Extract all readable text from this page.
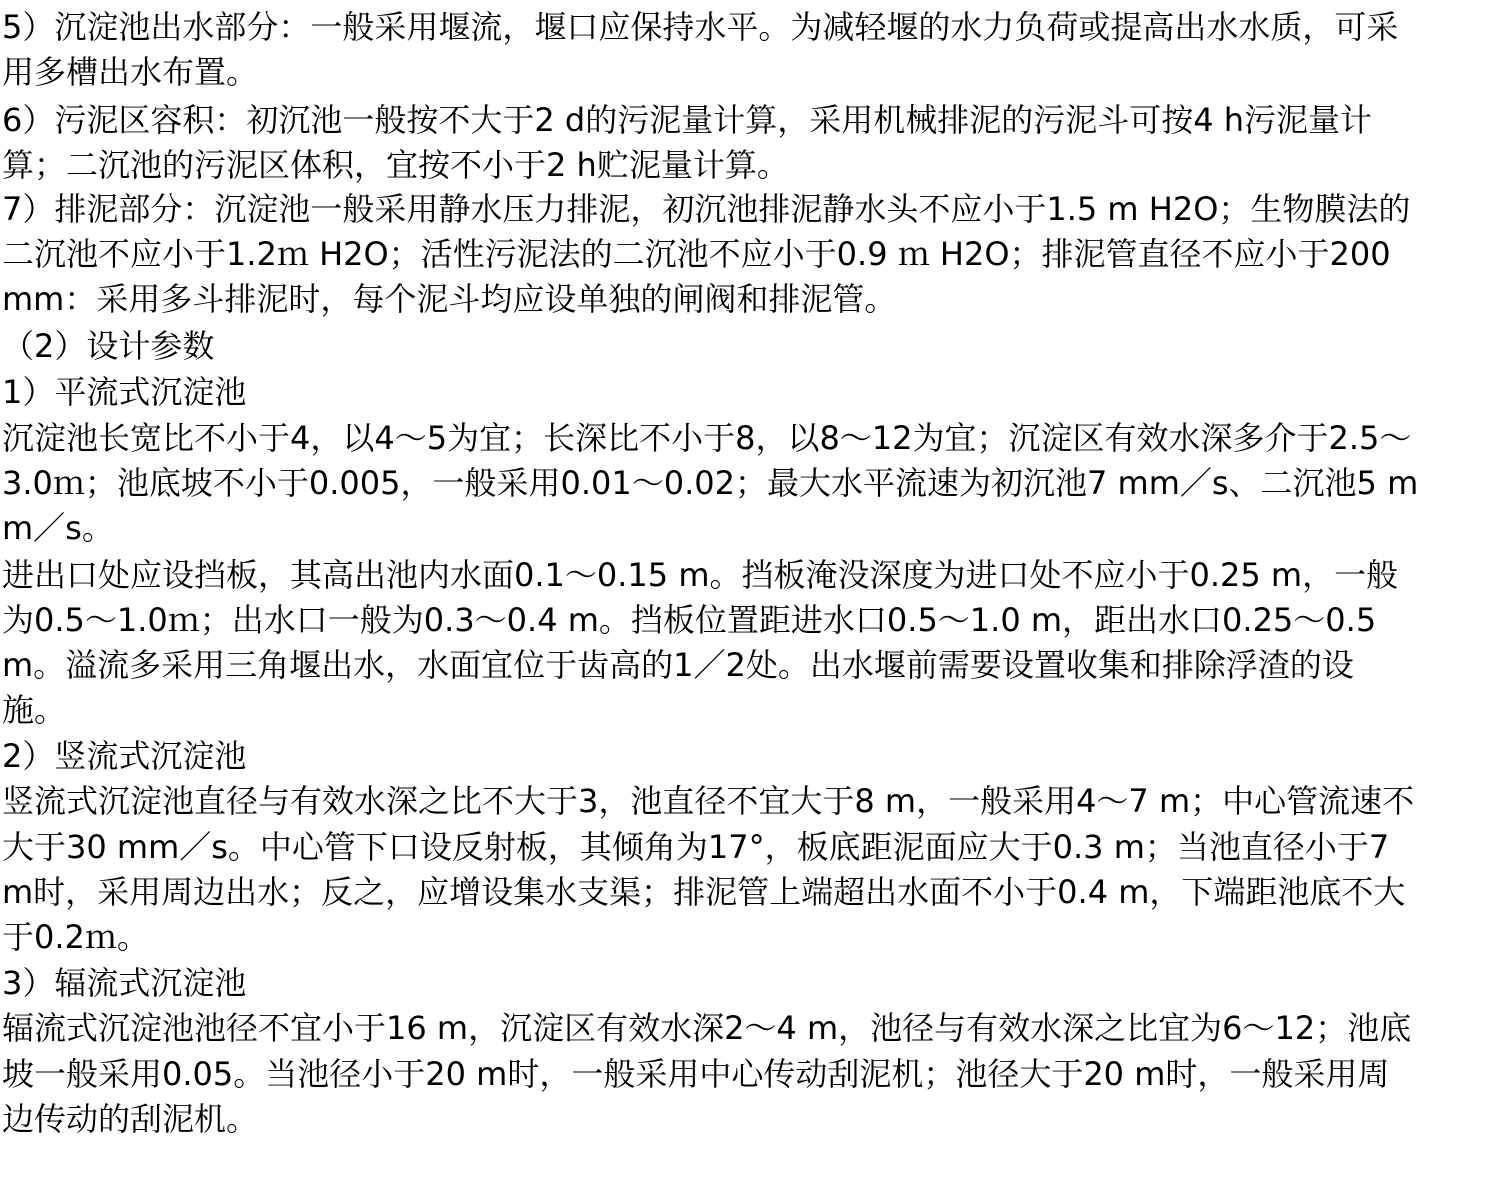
5）沉淀池出水部分：一般采用堰流，堰口应保持水平。为减轻堰的水力负荷或提高出水水质，可采
用多槽出水布置。
6）污泥区容积：初沉池一般按不大于2 d的污泥量计算，采用机械排泥的污泥斗可按4 h污泥量计
算；二沉池的污泥区体积，宜按不小于2 h贮泥量计算。
7）排泥部分：沉淀池一般采用静水压力排泥，初沉池排泥静水头不应小于1.5 m H2O；生物膜法的
二沉池不应小于1.2ｍ H2O；活性污泥法的二沉池不应小于0.9 ｍ H2O；排泥管直径不应小于200
mm：采用多斗排泥时，每个泥斗均应设单独的闸阀和排泥管。
（2）设计参数
1）平流式沉淀池
沉淀池长宽比不小于4，以4～5为宜；长深比不小于8，以8～12为宜；沉淀区有效水深多介于2.5～
3.0ｍ；池底坡不小于0.005，一般采用0.01～0.02；最大水平流速为初沉池7 mm／s、二沉池5 m
m／s。
进出口处应设挡板，其高出池内水面0.1～0.15 m。挡板淹没深度为进口处不应小于0.25 m，一般
为0.5～1.0ｍ；出水口一般为0.3～0.4 m。挡板位置距进水口0.5～1.0 m，距出水口0.25～0.5
m。溢流多采用三角堰出水，水面宜位于齿高的1／2处。出水堰前需要设置收集和排除浮渣的设
施。
2）竖流式沉淀池
竖流式沉淀池直径与有效水深之比不大于3，池直径不宜大于8 m，一般采用4～7 m；中心管流速不
大于30 mm／s。中心管下口设反射板，其倾角为17°，板底距泥面应大于0.3 m；当池直径小于7
m时，采用周边出水；反之，应增设集水支渠；排泥管上端超出水面不小于0.4 m，下端距池底不大
于0.2ｍ。
3）辐流式沉淀池
辐流式沉淀池池径不宜小于16 m，沉淀区有效水深2～4 m，池径与有效水深之比宜为6～12；池底
坡一般采用0.05。当池径小于20 m时，一般采用中心传动刮泥机；池径大于20 m时，一般采用周
边传动的刮泥机。
